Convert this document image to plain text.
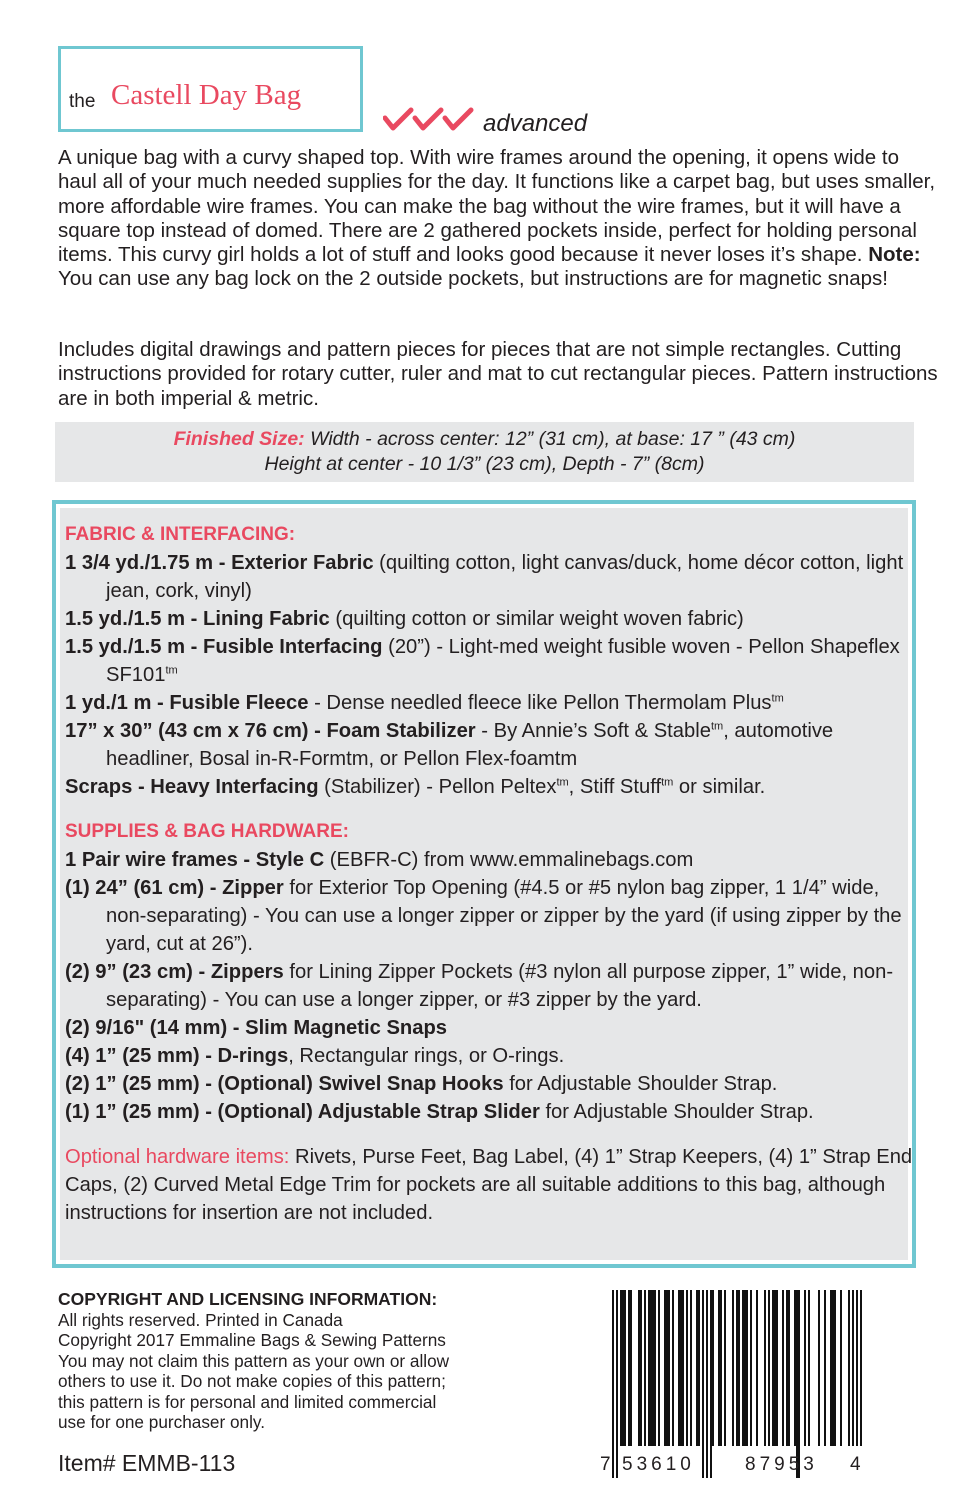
the Castell Day Bag
advanced

A unique bag with a curvy shaped top. With wire frames around the opening, it opens wide to haul all of your much needed supplies for the day. It functions like a carpet bag, but uses smaller, more affordable wire frames. You can make the bag without the wire frames, but it will have a square top instead of domed. There are 2 gathered pockets inside, perfect for holding personal items. This curvy girl holds a lot of stuff and looks good because it never loses it’s shape. Note: You can use any bag lock on the 2 outside pockets, but instructions are for magnetic snaps!

Includes digital drawings and pattern pieces for pieces that are not simple rectangles. Cutting instructions provided for rotary cutter, ruler and mat to cut rectangular pieces. Pattern instructions are in both imperial & metric.

Finished Size: Width - across center: 12” (31 cm), at base: 17 ” (43 cm)
Height at center - 10 1/3” (23 cm), Depth - 7” (8cm)

FABRIC & INTERFACING:

1 3/4 yd./1.75 m - Exterior Fabric (quilting cotton, light canvas/duck, home décor cotton, light jean, cork, vinyl)

1.5 yd./1.5 m - Lining Fabric (quilting cotton or similar weight woven fabric)

1.5 yd./1.5 m - Fusible Interfacing (20”) - Light-med weight fusible woven - Pellon Shapeflex $SF101^{tm}$

1 yd./1 m - Fusible Fleece - Dense needled fleece like Pellon Thermolam Plus$^{tm}$

17” x 30” (43 cm x 76 cm) - Foam Stabilizer - By Annie’s Soft & Stable$^{tm}$, automotive headliner, Bosal in-R-Formtm, or Pellon Flex-foamtm

Scraps - Heavy Interfacing (Stabilizer) - Pellon Peltex$^{tm}$, Stiff Stuff$^{tm}$ or similar.

SUPPLIES & BAG HARDWARE:

1 Pair wire frames - Style C (EBFR-C) from www.emmalinebags.com

(1) 24” (61 cm) - Zipper for Exterior Top Opening (#4.5 or #5 nylon bag zipper, 1 1/4” wide, non-separating) - You can use a longer zipper or zipper by the yard (if using zipper by the yard, cut at 26”).

(2) 9” (23 cm) - Zippers for Lining Zipper Pockets (#3 nylon all purpose zipper, 1” wide, non-separating) - You can use a longer zipper, or #3 zipper by the yard.

(2) 9/16" (14 mm) - Slim Magnetic Snaps

(4) 1” (25 mm) - D-rings, Rectangular rings, or O-rings.

(2) 1” (25 mm) - (Optional) Swivel Snap Hooks for Adjustable Shoulder Strap.

(1) 1” (25 mm) - (Optional) Adjustable Strap Slider for Adjustable Shoulder Strap.

Optional hardware items: Rivets, Purse Feet, Bag Label, (4) 1” Strap Keepers, (4) 1” Strap End Caps, (2) Curved Metal Edge Trim for pockets are all suitable additions to this bag, although instructions for insertion are not included.

COPYRIGHT AND LICENSING INFORMATION:
All rights reserved. Printed in Canada
Copyright 2017 Emmaline Bags & Sewing Patterns
You may not claim this pattern as your own or allow
others to use it. Do not make copies of this pattern;
this pattern is for personal and limited commercial
use for one purchaser only.
Item# EMMB-113	7 53610	87953 4
